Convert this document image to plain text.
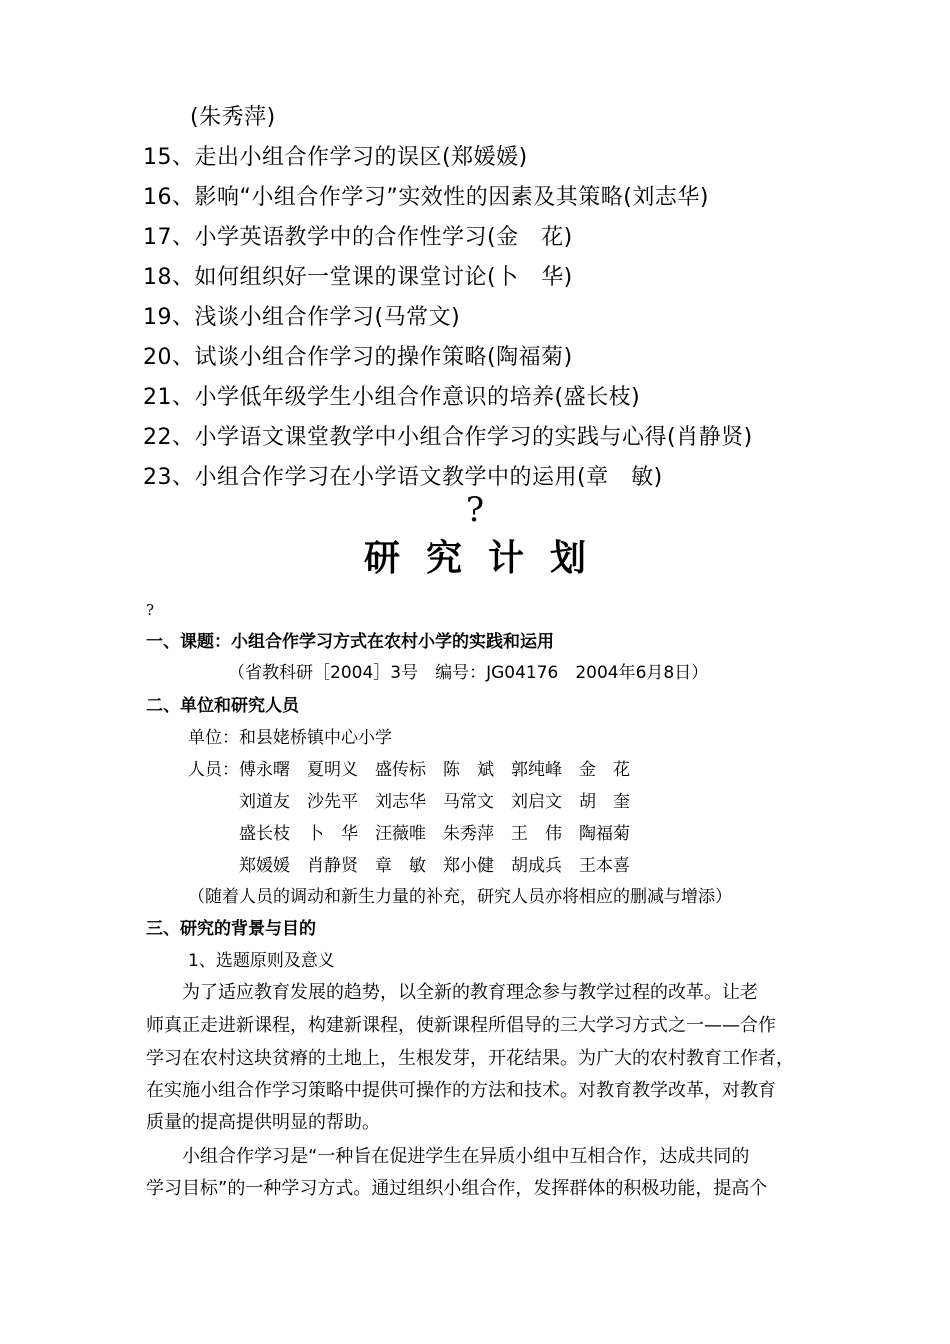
(朱秀萍)
15、走出小组合作学习的误区(郑媛媛)
16、影响“小组合作学习”实效性的因素及其策略(刘志华)
17、小学英语教学中的合作性学习(金　花)
18、如何组织好一堂课的课堂讨论(卜　华)
19、浅谈小组合作学习(马常文)
20、试谈小组合作学习的操作策略(陶福菊)
21、小学低年级学生小组合作意识的培养(盛长枝)
22、小学语文课堂教学中小组合作学习的实践与心得(肖静贤)
23、小组合作学习在小学语文教学中的运用(章　敏)
?
研究计划
?
一、课题：小组合作学习方式在农村小学的实践和运用
（省教科研［2004］3号　编号：JG04176　2004年6月8日）
二、单位和研究人员
单位：和县姥桥镇中心小学
人员：傅永曙　夏明义　盛传标　陈　斌　郭纯峰　金　花
　　　刘道友　沙先平　刘志华　马常文　刘启文　胡　奎
　　　盛长枝　卜　华　汪薇唯　朱秀萍　王　伟　陶福菊
　　　郑媛媛　肖静贤　章　敏　郑小健　胡成兵　王本喜
（随着人员的调动和新生力量的补充，研究人员亦将相应的删减与增添）
三、研究的背景与目的
1、选题原则及意义
　　为了适应教育发展的趋势，以全新的教育理念参与教学过程的改革。让老
师真正走进新课程，构建新课程，使新课程所倡导的三大学习方式之一——合作
学习在农村这块贫瘠的土地上，生根发芽，开花结果。为广大的农村教育工作者，
在实施小组合作学习策略中提供可操作的方法和技术。对教育教学改革，对教育
质量的提高提供明显的帮助。
　　小组合作学习是“一种旨在促进学生在异质小组中互相合作，达成共同的
学习目标”的一种学习方式。通过组织小组合作，发挥群体的积极功能，提高个
